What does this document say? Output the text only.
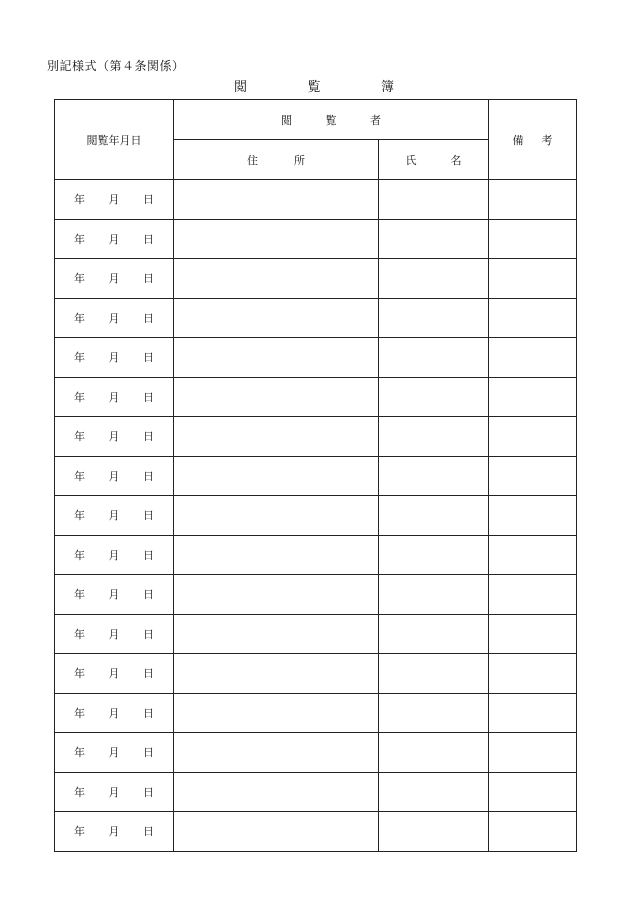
別記様式（第４条関係）
閲	覧	簿
閲覧年月日	閲 覧 者		備 考

	住 所	氏 名	

年 月 日			

年 月 日			

年 月 日			

年 月 日			

年 月 日			

年 月 日			

年 月 日			

年 月 日			

年 月 日			

年 月 日			

年 月 日			

年 月 日			

年 月 日			

年 月 日			

年 月 日			

年 月 日			

年 月 日			
